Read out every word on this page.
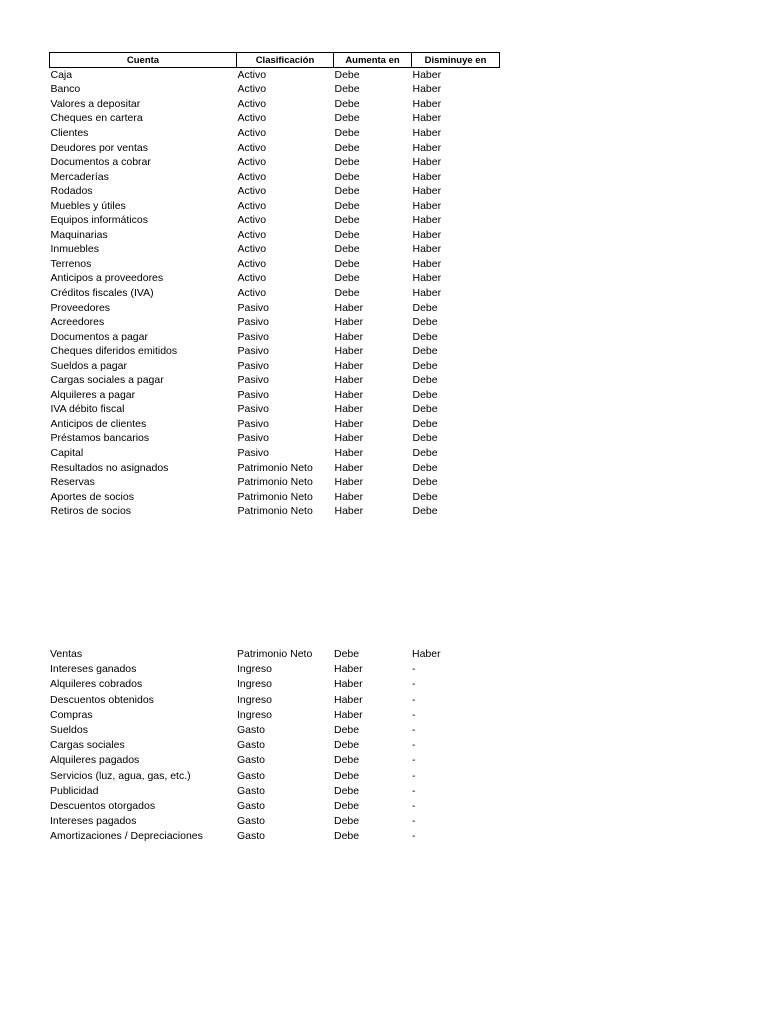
Cuenta	Clasificación	Aumenta en	Disminuye en
Caja	Activo	Debe	Haber
Banco	Activo	Debe	Haber
Valores a depositar	Activo	Debe	Haber
Cheques en cartera	Activo	Debe	Haber
Clientes	Activo	Debe	Haber
Deudores por ventas	Activo	Debe	Haber
Documentos a cobrar	Activo	Debe	Haber
Mercaderías	Activo	Debe	Haber
Rodados	Activo	Debe	Haber
Muebles y útiles	Activo	Debe	Haber
Equipos informáticos	Activo	Debe	Haber
Maquinarias	Activo	Debe	Haber
Inmuebles	Activo	Debe	Haber
Terrenos	Activo	Debe	Haber
Anticipos a proveedores	Activo	Debe	Haber
Créditos fiscales (IVA)	Activo	Debe	Haber
Proveedores	Pasivo	Haber	Debe
Acreedores	Pasivo	Haber	Debe
Documentos a pagar	Pasivo	Haber	Debe
Cheques diferidos emitidos	Pasivo	Haber	Debe
Sueldos a pagar	Pasivo	Haber	Debe
Cargas sociales a pagar	Pasivo	Haber	Debe
Alquileres a pagar	Pasivo	Haber	Debe
IVA débito fiscal	Pasivo	Haber	Debe
Anticipos de clientes	Pasivo	Haber	Debe
Préstamos bancarios	Pasivo	Haber	Debe
Capital	Pasivo	Haber	Debe
Resultados no asignados	Patrimonio Neto	Haber	Debe
Reservas	Patrimonio Neto	Haber	Debe
Aportes de socios	Patrimonio Neto	Haber	Debe
Retiros de socios	Patrimonio Neto	Haber	Debe
Ventas	Patrimonio Neto	Debe	Haber
Intereses ganados	Ingreso	Haber	-
Alquileres cobrados	Ingreso	Haber	-
Descuentos obtenidos	Ingreso	Haber	-
Compras	Ingreso	Haber	-
Sueldos	Gasto	Debe	-
Cargas sociales	Gasto	Debe	-
Alquileres pagados	Gasto	Debe	-
Servicios (luz, agua, gas, etc.)	Gasto	Debe	-
Publicidad	Gasto	Debe	-
Descuentos otorgados	Gasto	Debe	-
Intereses pagados	Gasto	Debe	-
Amortizaciones / Depreciaciones	Gasto	Debe	-
